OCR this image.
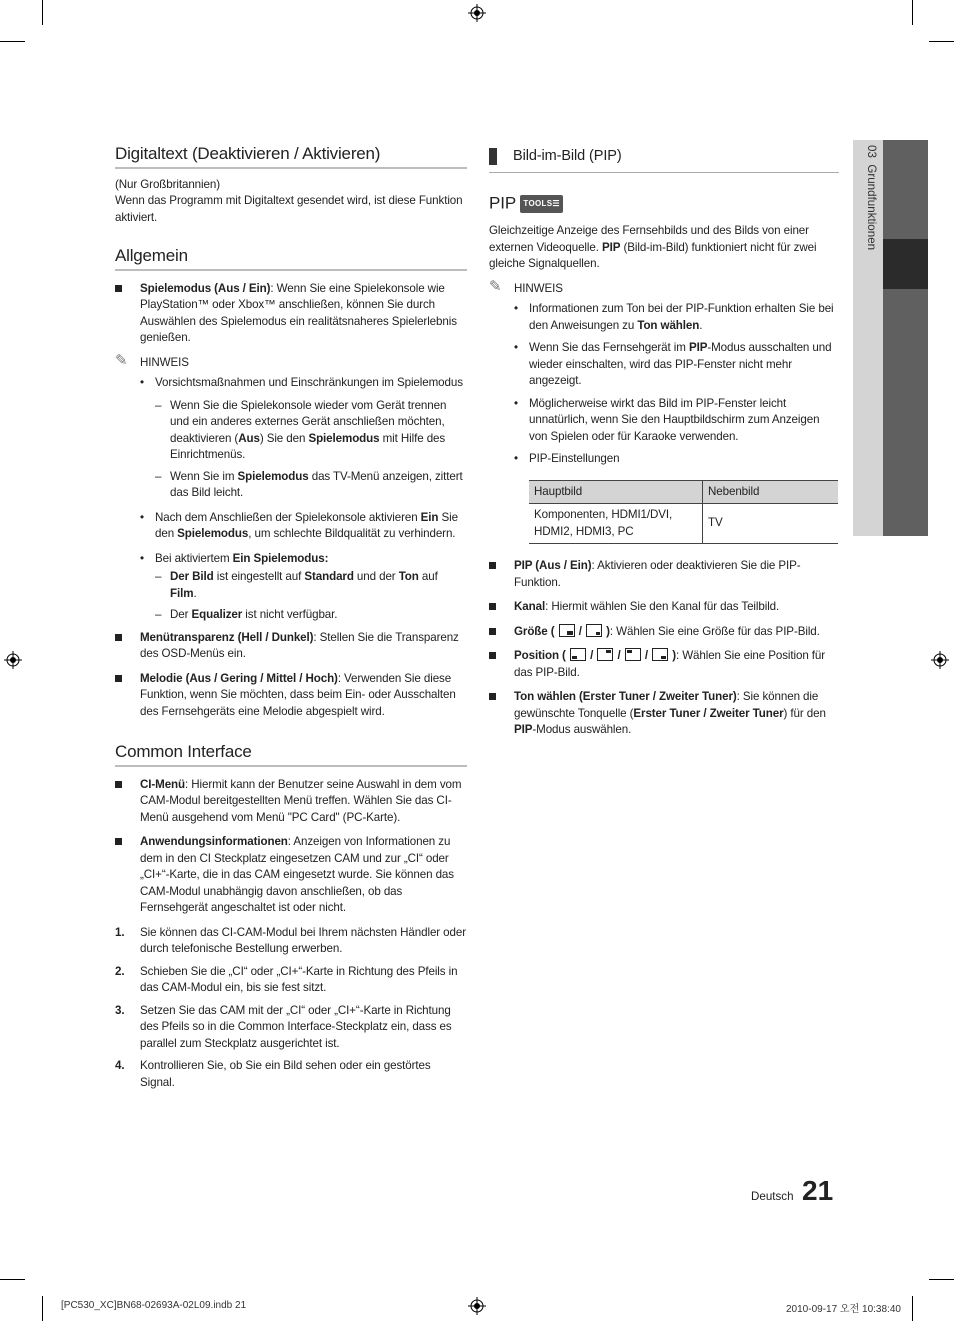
03  Grundfunktionen
Digitaltext (Deaktivieren / Aktivieren)

(Nur Großbritannien)

Wenn das Programm mit Digitaltext gesendet wird, ist diese Funktion aktiviert.

Allgemein
Spielemodus (Aus / Ein): Wenn Sie eine Spielekonsole wie PlayStation™ oder Xbox™ anschließen, können Sie durch Auswählen des Spielemodus ein realitätsnaheres Spielerlebnis genießen.
✎ HINWEIS
• Vorsichtsmaßnahmen und Einschränkungen im Spielemodus
– Wenn Sie die Spielekonsole wieder vom Gerät trennen und ein anderes externes Gerät anschließen möchten, deaktivieren (Aus) Sie den Spielemodus mit Hilfe des Einrichtmenüs.
– Wenn Sie im Spielemodus das TV-Menü anzeigen, zittert das Bild leicht.
• Nach dem Anschließen der Spielekonsole aktivieren Ein Sie den Spielemodus, um schlechte Bildqualität zu verhindern.
• Bei aktiviertem Ein Spielemodus:
– Der Bild ist eingestellt auf Standard und der Ton auf Film.
– Der Equalizer ist nicht verfügbar.
Menütransparenz (Hell / Dunkel): Stellen Sie die Transparenz des OSD-Menüs ein.
Melodie (Aus / Gering / Mittel / Hoch): Verwenden Sie diese Funktion, wenn Sie möchten, dass beim Ein- oder Ausschalten des Fernsehgeräts eine Melodie abgespielt wird.
Common Interface
CI-Menü: Hiermit kann der Benutzer seine Auswahl in dem vom CAM-Modul bereitgestellten Menü treffen. Wählen Sie das CI-Menü ausgehend vom Menü "PC Card" (PC-Karte).
Anwendungsinformationen: Anzeigen von Informationen zu dem in den CI Steckplatz eingesetzen CAM und zur „CI“ oder „CI+“-Karte, die in das CAM eingesetzt wurde. Sie können das CAM-Modul unabhängig davon anschließen, ob das Fernsehgerät angeschaltet ist oder nicht.
1. Sie können das CI-CAM-Modul bei Ihrem nächsten Händler oder durch telefonische Bestellung erwerben.
2. Schieben Sie die „CI“ oder „CI+“-Karte in Richtung des Pfeils in das CAM-Modul ein, bis sie fest sitzt.
3. Setzen Sie das CAM mit der „CI“ oder „CI+“-Karte in Richtung des Pfeils so in die Common Interface-Steckplatz ein, dass es parallel zum Steckplatz ausgerichtet ist.
4. Kontrollieren Sie, ob Sie ein Bild sehen oder ein gestörtes Signal.
Bild-im-Bild (PIP)
PIP TOOLS☰

Gleichzeitige Anzeige des Fernsehbilds und des Bilds von einer externen Videoquelle. PIP (Bild-im-Bild) funktioniert nicht für zwei gleiche Signalquellen.

✎ HINWEIS
• Informationen zum Ton bei der PIP-Funktion erhalten Sie bei den Anweisungen zu Ton wählen.
• Wenn Sie das Fernsehgerät im PIP-Modus ausschalten und wieder einschalten, wird das PIP-Fenster nicht mehr angezeigt.
• Möglicherweise wirkt das Bild im PIP-Fenster leicht unnatürlich, wenn Sie den Hauptbildschirm zum Anzeigen von Spielen oder für Karaoke verwenden.
• PIP-Einstellungen
Hauptbild	Nebenbild
Komponenten, HDMI1/DVI, HDMI2, HDMI3, PC	TV
PIP (Aus / Ein): Aktivieren oder deaktivieren Sie die PIP-Funktion.
Kanal: Hiermit wählen Sie den Kanal für das Teilbild.
Größe ( / ): Wählen Sie eine Größe für das PIP-Bild.
Position ( / / / ): Wählen Sie eine Position für das PIP-Bild.
Ton wählen (Erster Tuner / Zweiter Tuner): Sie können die gewünschte Tonquelle (Erster Tuner / Zweiter Tuner) für den PIP-Modus auswählen.
Deutsch 21
[PC530_XC]BN68-02693A-02L09.indb 21	2010-09-17 오전 10:38:40
